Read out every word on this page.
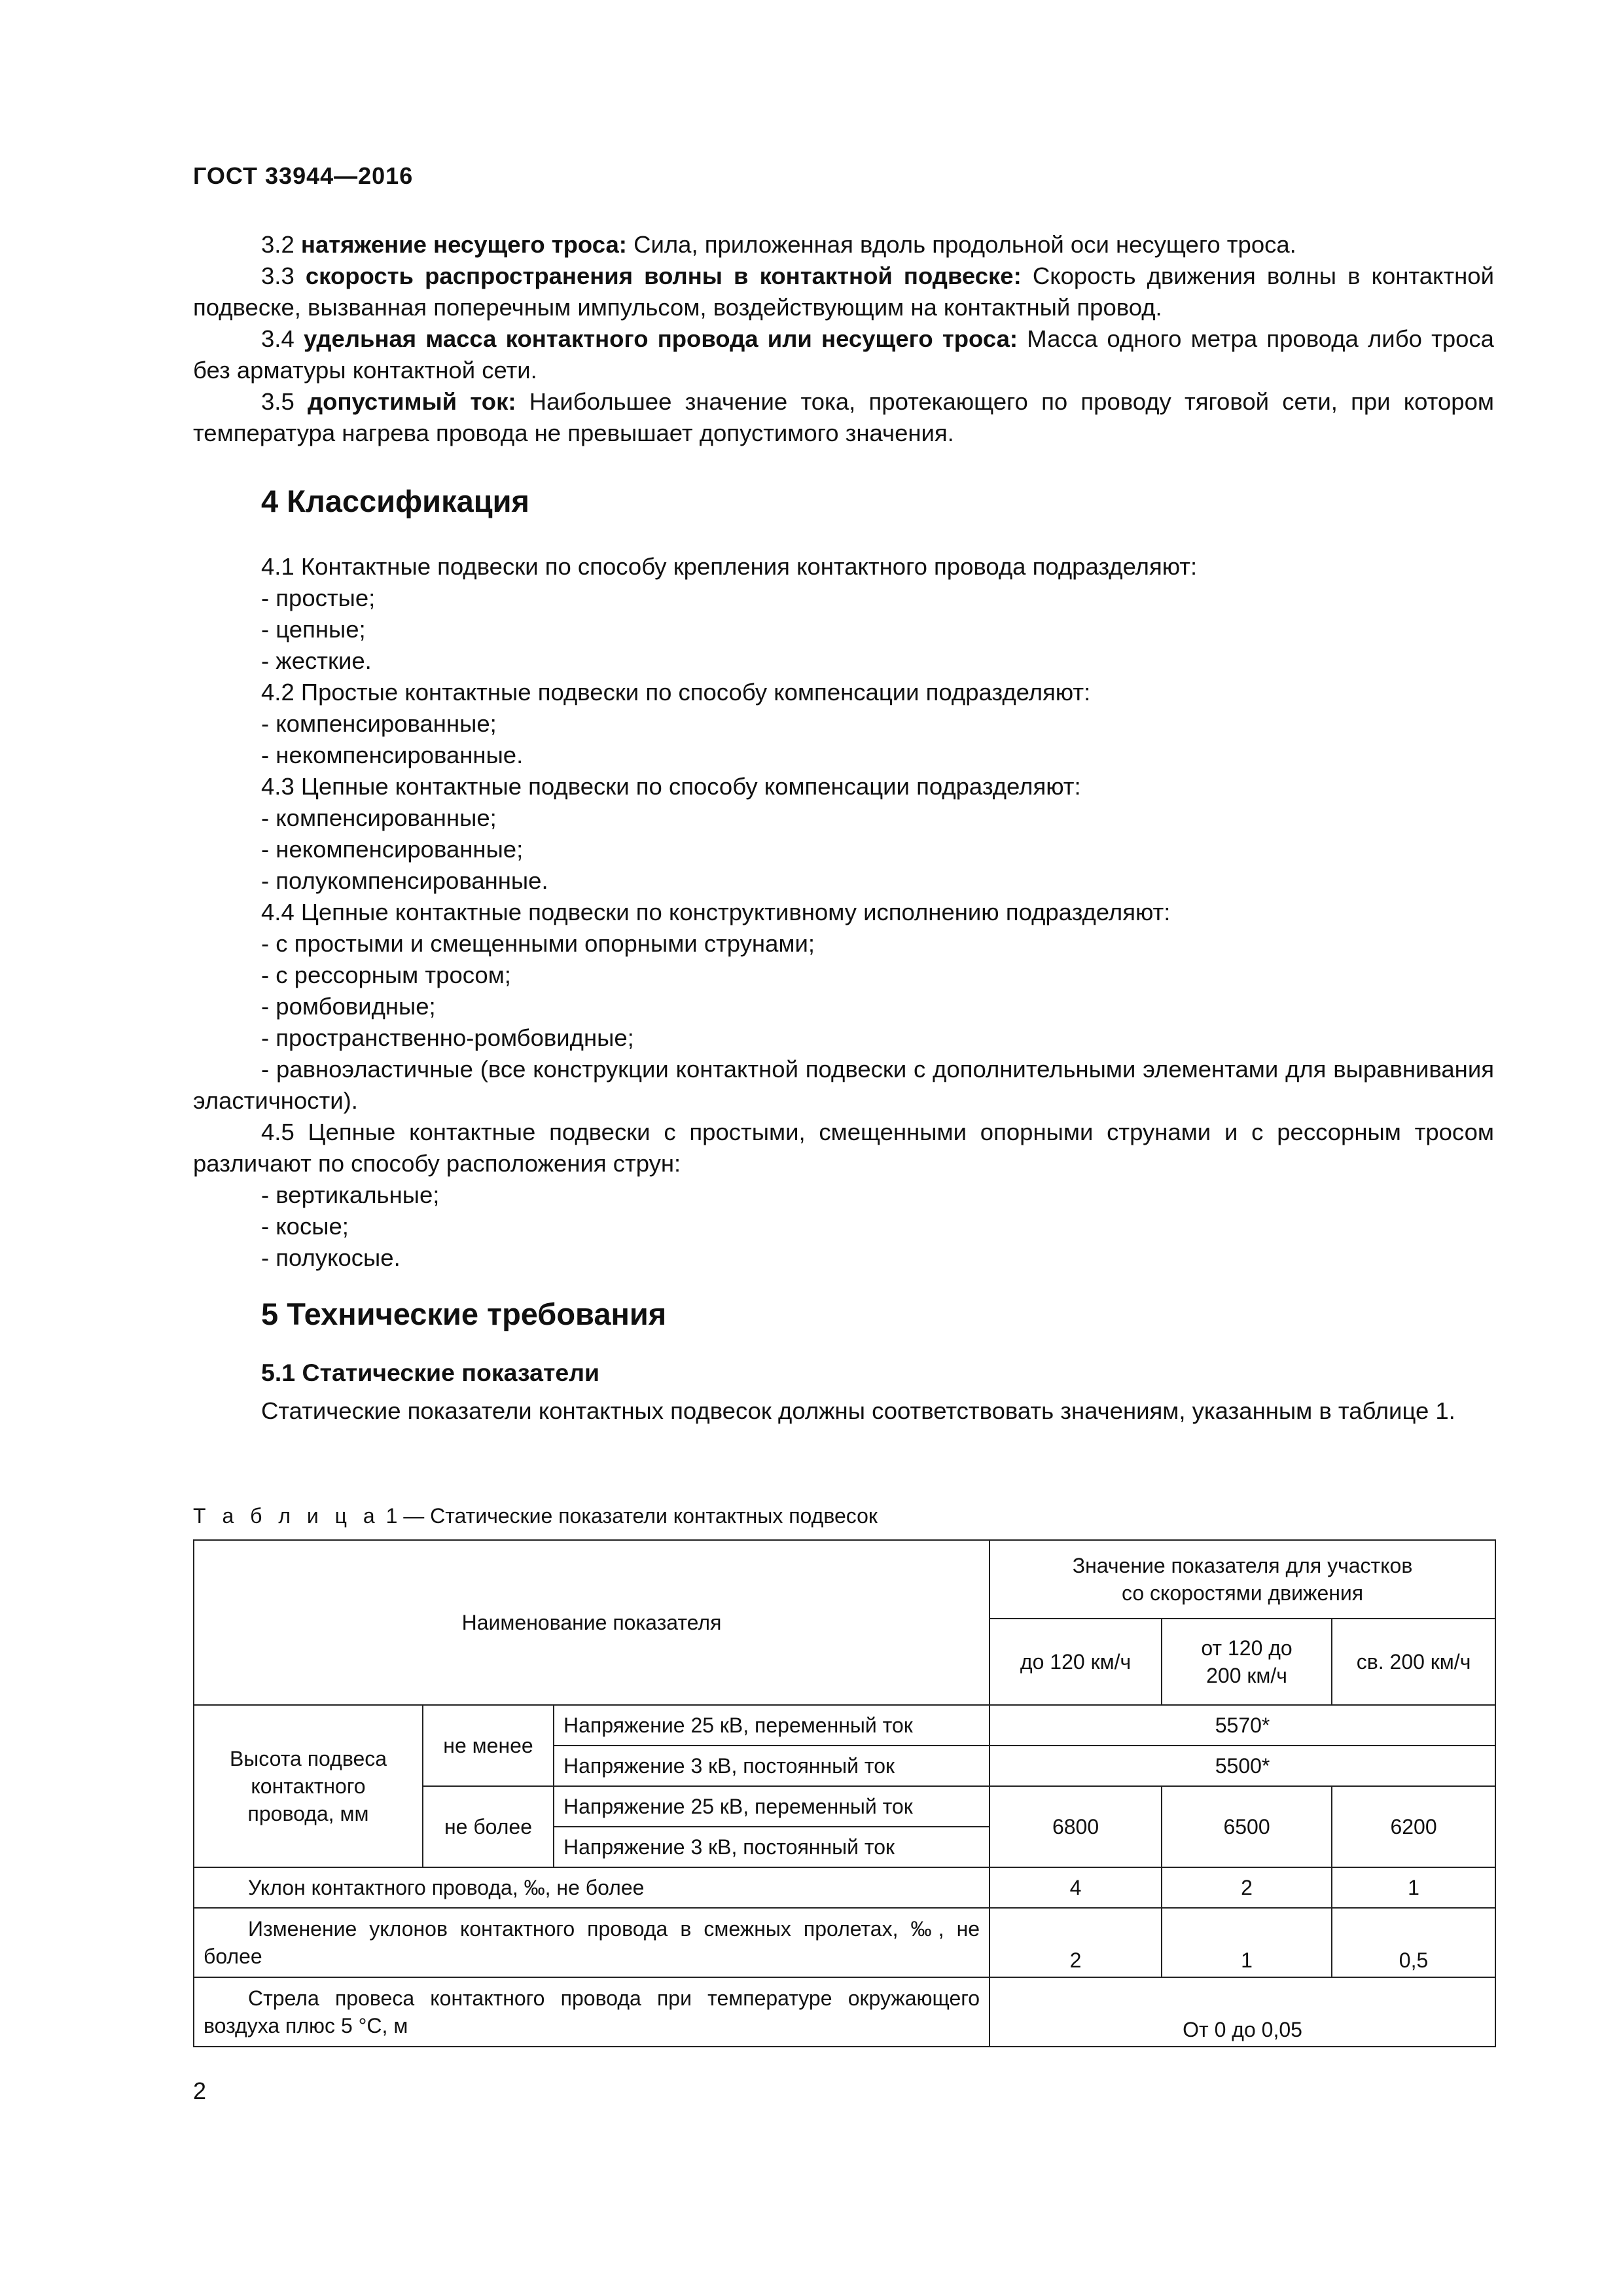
ГОСТ 33944—2016

3.2 натяжение несущего троса: Сила, приложенная вдоль продольной оси несущего троса.

3.3 скорость распространения волны в контактной подвеске: Скорость движения волны в контактной подвеске, вызванная поперечным импульсом, воздействующим на контактный провод.

3.4 удельная масса контактного провода или несущего троса: Масса одного метра провода либо троса без арматуры контактной сети.

3.5 допустимый ток: Наибольшее значение тока, протекающего по проводу тяговой сети, при котором температура нагрева провода не превышает допустимого значения.

4 Классификация

4.1 Контактные подвески по способу крепления контактного провода подразделяют:

- простые;

- цепные;

- жесткие.

4.2 Простые контактные подвески по способу компенсации подразделяют:

- компенсированные;

- некомпенсированные.

4.3 Цепные контактные подвески по способу компенсации подразделяют:

- компенсированные;

- некомпенсированные;

- полукомпенсированные.

4.4 Цепные контактные подвески по конструктивному исполнению подразделяют:

- с простыми и смещенными опорными струнами;

- с рессорным тросом;

- ромбовидные;

- пространственно-ромбовидные;

- равноэластичные (все конструкции контактной подвески с дополнительными элементами для выравнивания эластичности).

4.5 Цепные контактные подвески с простыми, смещенными опорными струнами и с рессорным тросом различают по способу расположения струн:

- вертикальные;

- косые;

- полукосые.

5 Технические требования
5.1 Статические показатели

Статические показатели контактных подвесок должны соответствовать значениям, указанным в таблице 1.

Т а б л и ц а 1 — Статические показатели контактных подвесок
Наименование показателя			Значение показателя для участков со скоростями движения		
			до 120 км/ч	от 120 до 200 км/ч	св. 200 км/ч
Высота подвеса контактного провода, мм	не менее	Напряжение 25 кВ, переменный ток	5570*		
		Напряжение 3 кВ, постоянный ток	5500*		
	не более	Напряжение 25 кВ, переменный ток	6800	6500	6200
		Напряжение 3 кВ, постоянный ток			
Уклон контактного провода, ‰, не более			4	2	1
Изменение уклонов контактного провода в смежных пролетах, ‰, не более			2	1	0,5
Стрела провеса контактного провода при температуре окружающего воздуха плюс 5 °С, м			От 0 до 0,05		
2
